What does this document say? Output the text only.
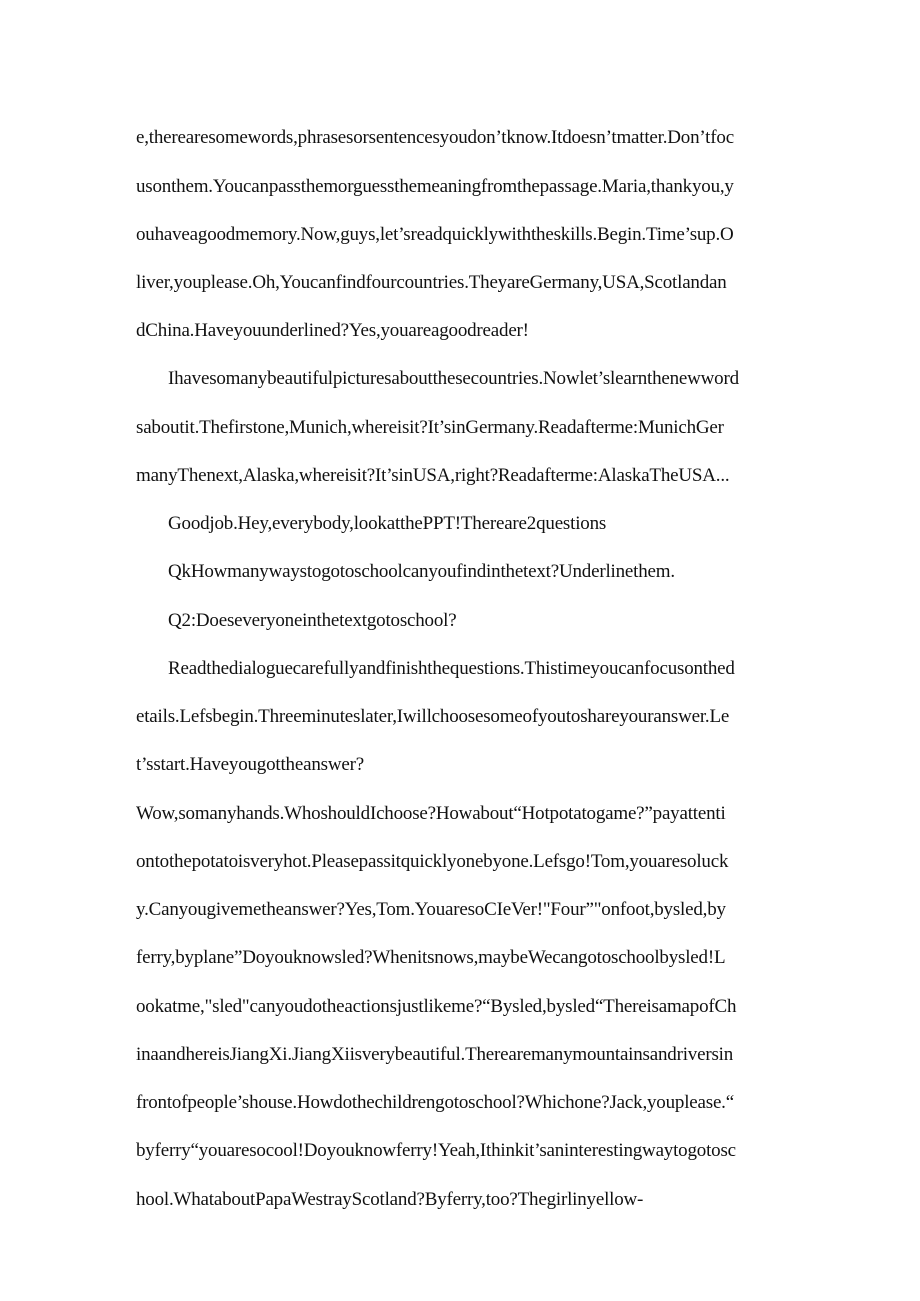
e,therearesomewords,phrasesorsentencesyoudon’tknow.Itdoesn’tmatter.Don’tfoc
usonthem.Youcanpassthemorguessthemeaningfromthepassage.Maria,thankyou,y
ouhaveagoodmemory.Now,guys,let’sreadquicklywiththeskills.Begin.Time’sup.O
liver,youplease.Oh,Youcanfindfourcountries.TheyareGermany,USA,Scotlandan
dChina.Haveyouunderlined?Yes,youareagoodreader!
Ihavesomanybeautifulpicturesaboutthesecountries.Nowlet’slearnthenewword
saboutit.Thefirstone,Munich,whereisit?It’sinGermany.Readafterme:MunichGer
manyThenext,Alaska,whereisit?It’sinUSA,right?Readafterme:AlaskaTheUSA...
Goodjob.Hey,everybody,lookatthePPT!Thereare2questions
QkHowmanywaystogotoschoolcanyoufindinthetext?Underlinethem.
Q2:Doeseveryoneinthetextgotoschool?
Readthedialoguecarefullyandfinishthequestions.Thistimeyoucanfocusonthed
etails.Lefsbegin.Threeminuteslater,Iwillchoosesomeofyoutoshareyouranswer.Le
t’sstart.Haveyougottheanswer?
Wow,somanyhands.WhoshouldIchoose?Howabout“Hotpotatogame?”payattenti
ontothepotatoisveryhot.Pleasepassitquicklyonebyone.Lefsgo!Tom,youaresoluck
y.Canyougivemetheanswer?Yes,Tom.YouaresoCIeVer!"Four”"onfoot,bysled,by
ferry,byplane”Doyouknowsled?Whenitsnows,maybeWecangotoschoolbysled!L
ookatme,"sled"canyoudotheactionsjustlikeme?“Bysled,bysled“ThereisamapofCh
inaandhereisJiangXi.JiangXiisverybeautiful.Therearemanymountainsandriversin
frontofpeople’shouse.Howdothechildrengotoschool?Whichone?Jack,youplease.“
byferry“youaresocool!Doyouknowferry!Yeah,Ithinkit’saninterestingwaytogotosc
hool.WhataboutPapaWestrayScotland?Byferry,too?Thegirlinyellow-
